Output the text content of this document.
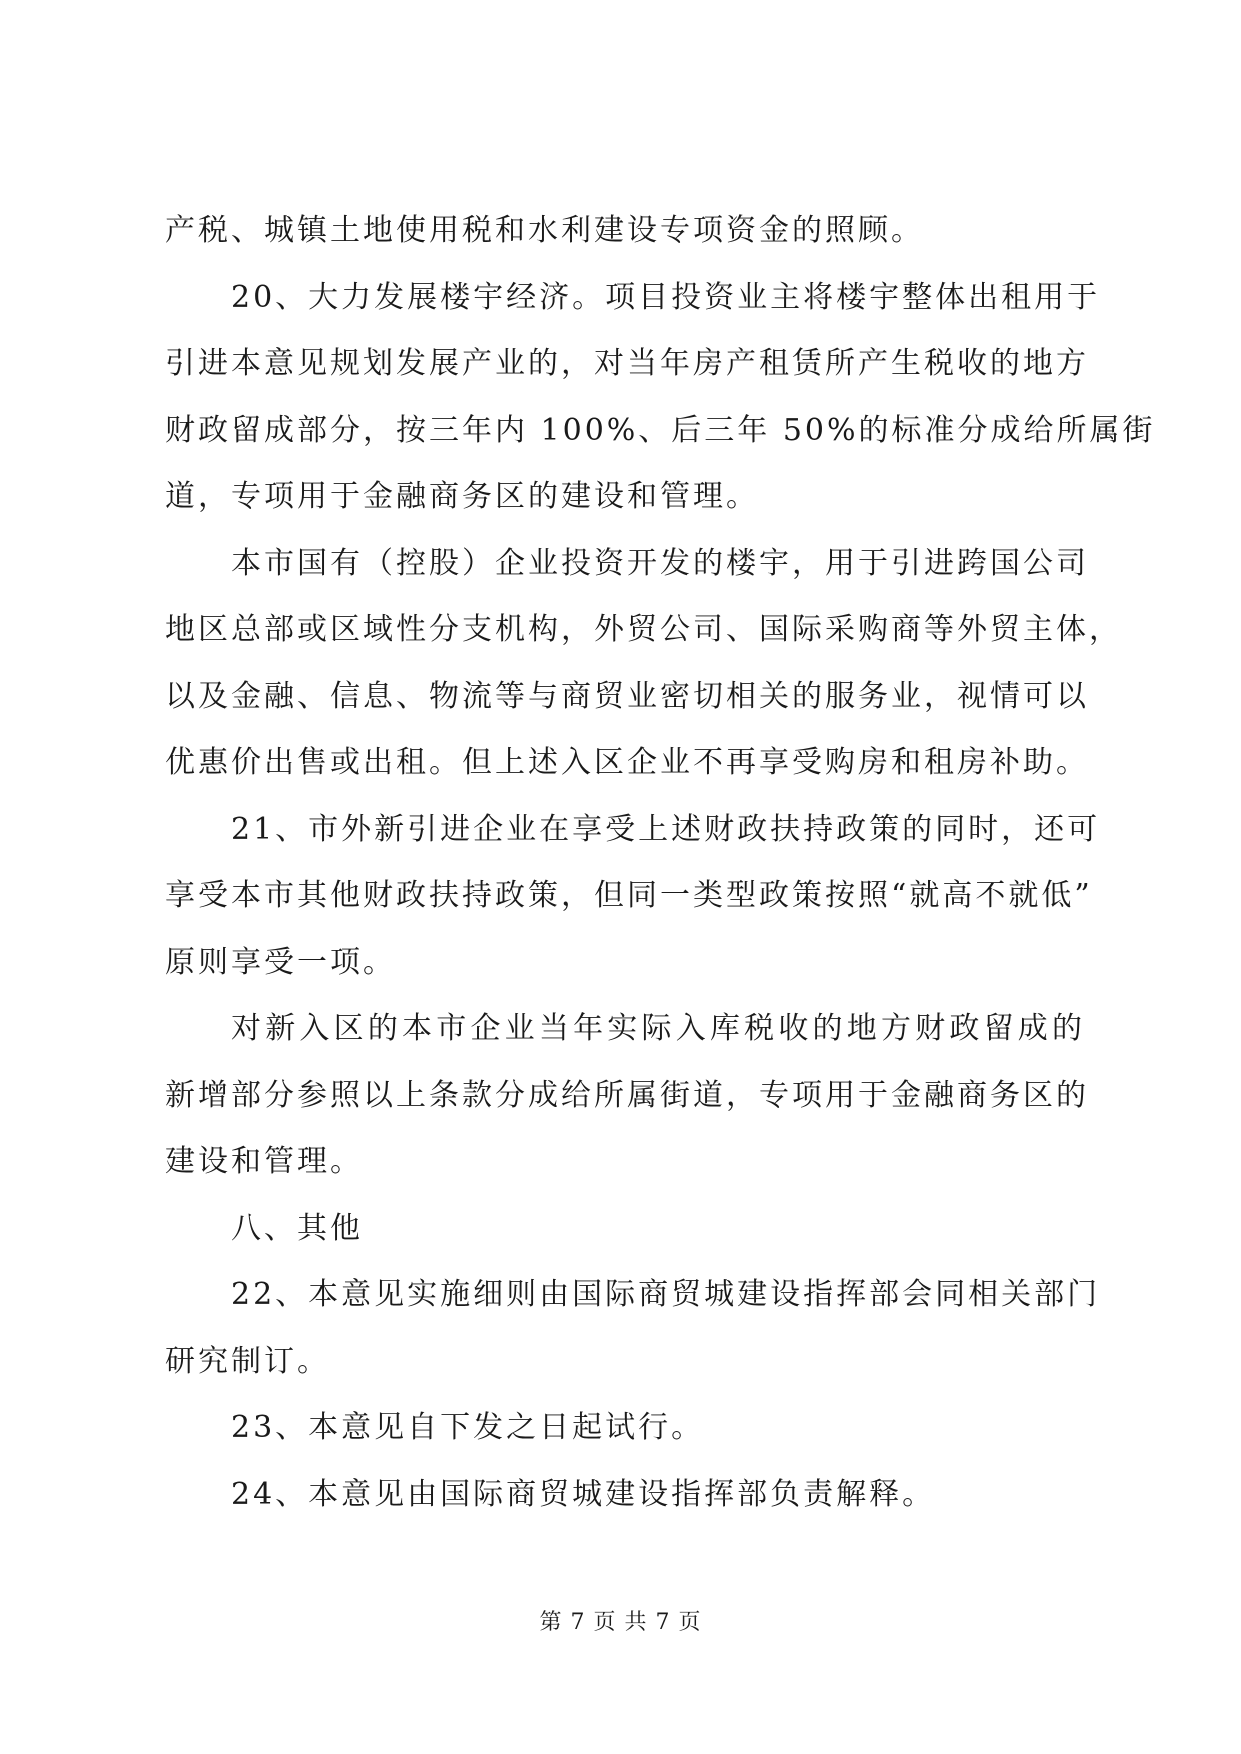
产税、城镇土地使用税和水利建设专项资金的照顾。
20、大力发展楼宇经济。项目投资业主将楼宇整体出租用于
引进本意见规划发展产业的，对当年房产租赁所产生税收的地方
财政留成部分，按三年内 100%、后三年 50%的标准分成给所属街
道，专项用于金融商务区的建设和管理。
本市国有（控股）企业投资开发的楼宇，用于引进跨国公司
地区总部或区域性分支机构，外贸公司、国际采购商等外贸主体，
以及金融、信息、物流等与商贸业密切相关的服务业，视情可以
优惠价出售或出租。但上述入区企业不再享受购房和租房补助。
21、市外新引进企业在享受上述财政扶持政策的同时，还可
享受本市其他财政扶持政策，但同一类型政策按照“就高不就低”
原则享受一项。
对新入区的本市企业当年实际入库税收的地方财政留成的
新增部分参照以上条款分成给所属街道，专项用于金融商务区的
建设和管理。
八、其他
22、本意见实施细则由国际商贸城建设指挥部会同相关部门
研究制订。
23、本意见自下发之日起试行。
24、本意见由国际商贸城建设指挥部负责解释。
第 7 页 共 7 页
